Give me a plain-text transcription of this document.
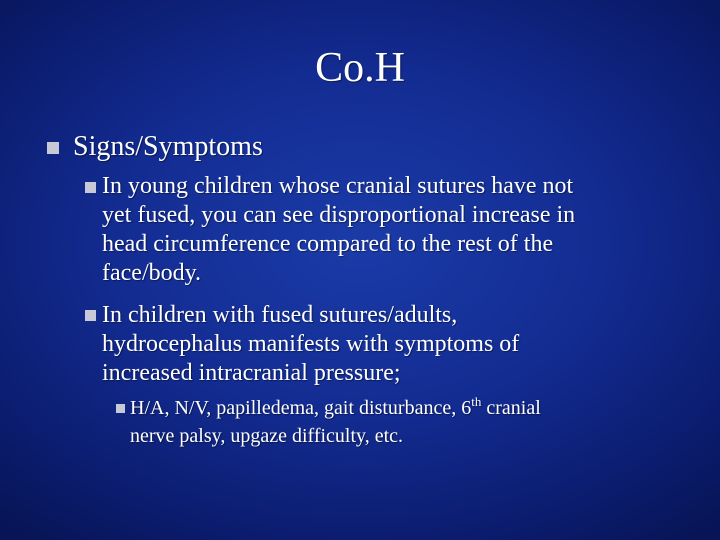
Co.H
Signs/Symptoms
In young children whose cranial sutures have not
yet fused, you can see disproportional increase in
head circumference compared to the rest of the
face/body.
In children with fused sutures/adults,
hydrocephalus manifests with symptoms of
increased intracranial pressure;
H/A, N/V, papilledema, gait disturbance, 6th cranial
nerve palsy, upgaze difficulty, etc.
